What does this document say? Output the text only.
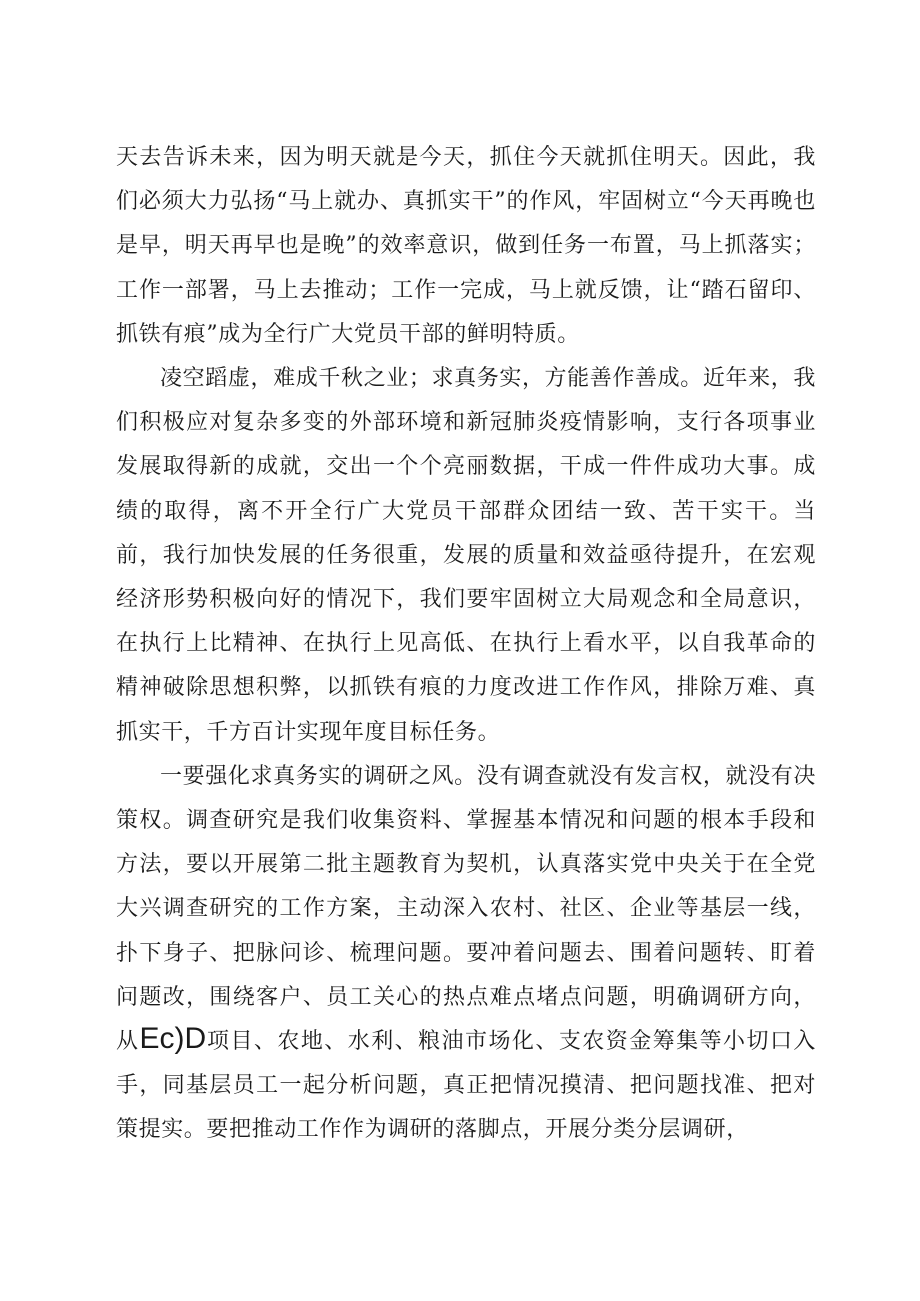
天去告诉未来，因为明天就是今天，抓住今天就抓住明天。因此，我们必须大力弘扬“马上就办、真抓实干”的作风，牢固树立“今天再晚也是早，明天再早也是晚”的效率意识，做到任务一布置，马上抓落实；工作一部署，马上去推动；工作一完成，马上就反馈，让“踏石留印、抓铁有痕”成为全行广大党员干部的鲜明特质。

凌空蹈虚，难成千秋之业；求真务实，方能善作善成。近年来，我们积极应对复杂多变的外部环境和新冠肺炎疫情影响，支行各项事业发展取得新的成就，交出一个个亮丽数据，干成一件件成功大事。成绩的取得，离不开全行广大党员干部群众团结一致、苦干实干。当前，我行加快发展的任务很重，发展的质量和效益亟待提升，在宏观经济形势积极向好的情况下，我们要牢固树立大局观念和全局意识，在执行上比精神、在执行上见高低、在执行上看水平，以自我革命的精神破除思想积弊，以抓铁有痕的力度改进工作作风，排除万难、真抓实干，千方百计实现年度目标任务。

一要强化求真务实的调研之风。没有调查就没有发言权，就没有决策权。调查研究是我们收集资料、掌握基本情况和问题的根本手段和方法，要以开展第二批主题教育为契机，认真落实党中央关于在全党大兴调查研究的工作方案，主动深入农村、社区、企业等基层一线，扑下身子、把脉问诊、梳理问题。要冲着问题去、围着问题转、盯着问题改，围绕客户、员工关心的热点难点堵点问题，明确调研方向，从Ec)D项目、农地、水利、粮油市场化、支农资金筹集等小切口入手，同基层员工一起分析问题，真正把情况摸清、把问题找准、把对策提实。要把推动工作作为调研的落脚点，开展分类分层调研，
